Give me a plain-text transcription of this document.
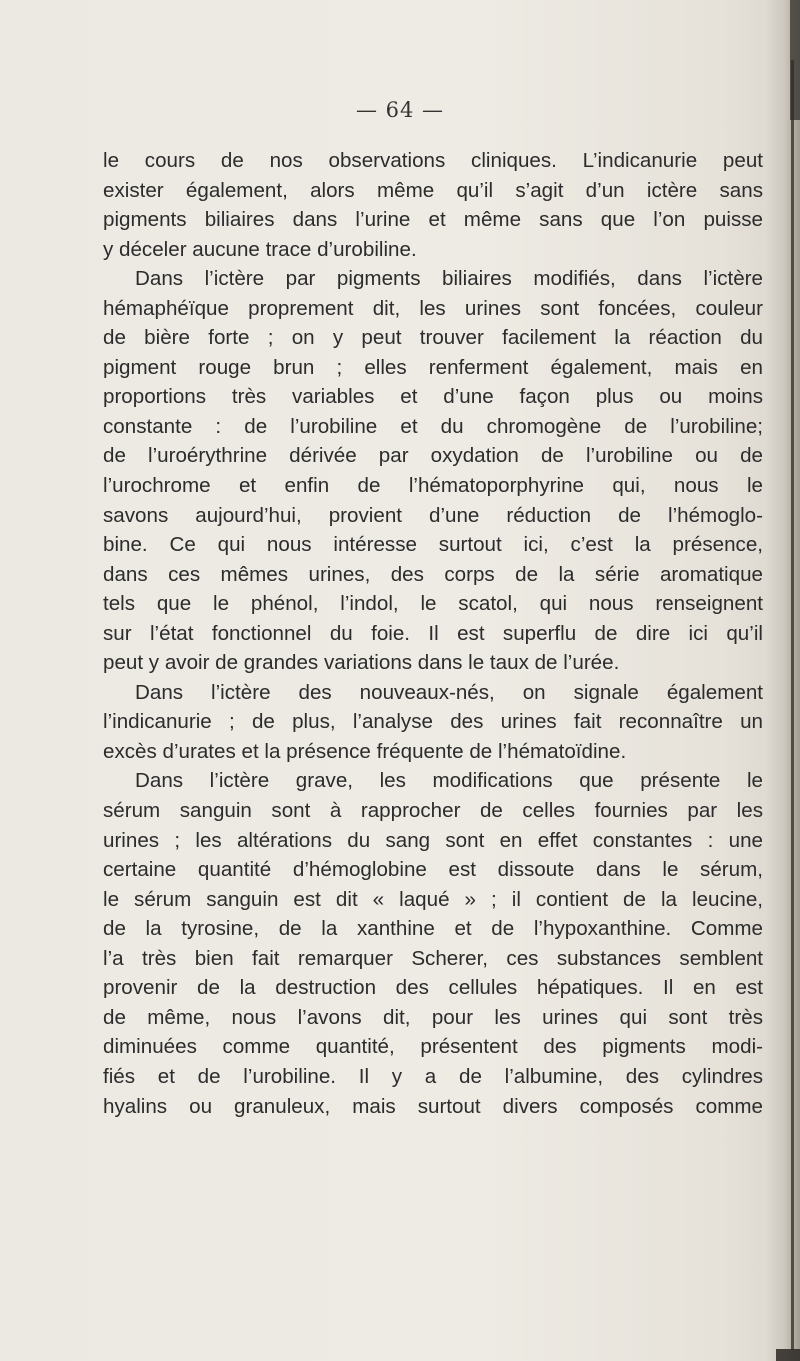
— 64 —
le cours de nos observations cliniques. L’indicanurie peut
exister également, alors même qu’il s’agit d’un ictère sans
pigments biliaires dans l’urine et même sans que l’on puisse
y déceler aucune trace d’urobiline.
Dans l’ictère par pigments biliaires modifiés, dans l’ictère
hémaphéïque proprement dit, les urines sont foncées, couleur
de bière forte ; on y peut trouver facilement la réaction du
pigment rouge brun ; elles renferment également, mais en
proportions très variables et d’une façon plus ou moins
constante : de l’urobiline et du chromogène de l’urobiline;
de l’uroérythrine dérivée par oxydation de l’urobiline ou de
l’urochrome et enfin de l’hématoporphyrine qui, nous le
savons aujourd’hui, provient d’une réduction de l’hémoglo-
bine. Ce qui nous intéresse surtout ici, c’est la présence,
dans ces mêmes urines, des corps de la série aromatique
tels que le phénol, l’indol, le scatol, qui nous renseignent
sur l’état fonctionnel du foie. Il est superflu de dire ici qu’il
peut y avoir de grandes variations dans le taux de l’urée.
Dans l’ictère des nouveaux-nés, on signale également
l’indicanurie ; de plus, l’analyse des urines fait reconnaître un
excès d’urates et la présence fréquente de l’hématoïdine.
Dans l’ictère grave, les modifications que présente le
sérum sanguin sont à rapprocher de celles fournies par les
urines ; les altérations du sang sont en effet constantes : une
certaine quantité d’hémoglobine est dissoute dans le sérum,
le sérum sanguin est dit « laqué » ; il contient de la leucine,
de la tyrosine, de la xanthine et de l’hypoxanthine. Comme
l’a très bien fait remarquer Scherer, ces substances semblent
provenir de la destruction des cellules hépatiques. Il en est
de même, nous l’avons dit, pour les urines qui sont très
diminuées comme quantité, présentent des pigments modi-
fiés et de l’urobiline. Il y a de l’albumine, des cylindres
hyalins ou granuleux, mais surtout divers composés comme
